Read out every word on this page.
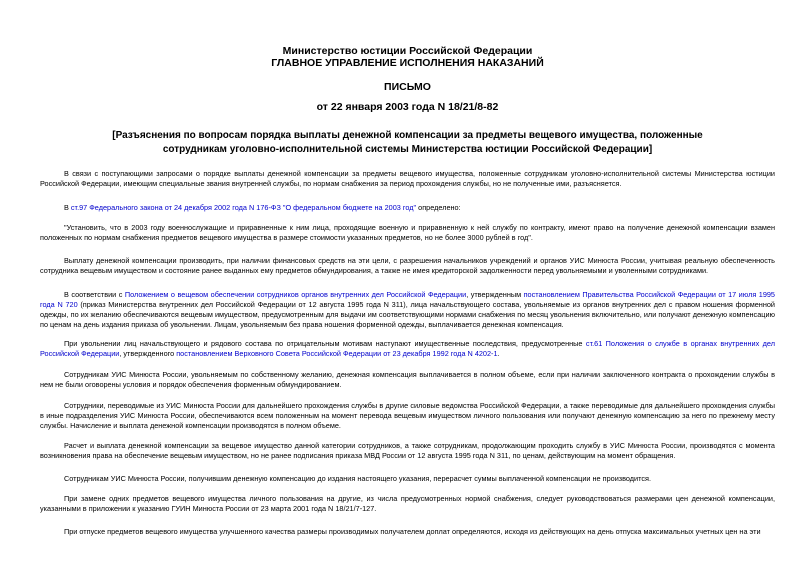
Министерство юстиции Российской Федерации
ГЛАВНОЕ УПРАВЛЕНИЕ ИСПОЛНЕНИЯ НАКАЗАНИЙ
ПИСЬМО
от 22 января 2003 года N 18/21/8-82
[Разъяснения по вопросам порядка выплаты денежной компенсации за предметы вещевого имущества, положенные сотрудникам уголовно-исполнительной системы Министерства юстиции Российской Федерации]

В связи с поступающими запросами о порядке выплаты денежной компенсации за предметы вещевого имущества, положенные сотрудникам уголовно-исполнительной системы Министерства юстиции Российской Федерации, имеющим специальные звания внутренней службы, по нормам снабжения за период прохождения службы, но не полученные ими, разъясняется.

В ст.97 Федерального закона от 24 декабря 2002 года N 176-ФЗ "О федеральном бюджете на 2003 год" определено:

"Установить, что в 2003 году военнослужащие и приравненные к ним лица, проходящие военную и приравненную к ней службу по контракту, имеют право на получение денежной компенсации взамен положенных по нормам снабжения предметов вещевого имущества в размере стоимости указанных предметов, но не более 3000 рублей в год".

Выплату денежной компенсации производить, при наличии финансовых средств на эти цели, с разрешения начальников учреждений и органов УИС Минюста России, учитывая реальную обеспеченность сотрудника вещевым имуществом и состояние ранее выданных ему предметов обмундирования, а также не имея кредиторской задолженности перед увольняемыми и уволенными сотрудниками.

В соответствии с Положением о вещевом обеспечении сотрудников органов внутренних дел Российской Федерации, утвержденным постановлением Правительства Российской Федерации от 17 июля 1995 года N 720 (приказ Министерства внутренних дел Российской Федерации от 12 августа 1995 года N 311), лица начальствующего состава, увольняемые из органов внутренних дел с правом ношения форменной одежды, по их желанию обеспечиваются вещевым имуществом, предусмотренным для выдачи им соответствующими нормами снабжения по месяц увольнения включительно, или получают денежную компенсацию по ценам на день издания приказа об увольнении. Лицам, увольняемым без права ношения форменной одежды, выплачивается денежная компенсация.

При увольнении лиц начальствующего и рядового состава по отрицательным мотивам наступают имущественные последствия, предусмотренные ст.61 Положения о службе в органах внутренних дел Российской Федерации, утвержденного постановлением Верховного Совета Российской Федерации от 23 декабря 1992 года N 4202-1.

Сотрудникам УИС Минюста России, увольняемым по собственному желанию, денежная компенсация выплачивается в полном объеме, если при наличии заключенного контракта о прохождении службы в нем не были оговорены условия и порядок обеспечения форменным обмундированием.

Сотрудники, переводимые из УИС Минюста России для дальнейшего прохождения службы в другие силовые ведомства Российской Федерации, а также переводимые для дальнейшего прохождения службы в иные подразделения УИС Минюста России, обеспечиваются всем положенным на момент перевода вещевым имуществом личного пользования или получают денежную компенсацию за него по прежнему месту службы. Начисление и выплата денежной компенсации производятся в полном объеме.

Расчет и выплата денежной компенсации за вещевое имущество данной категории сотрудников, а также сотрудникам, продолжающим проходить службу в УИС Минюста России, производятся с момента возникновения права на обеспечение вещевым имуществом, но не ранее подписания приказа МВД России от 12 августа 1995 года N 311, по ценам, действующим на момент обращения.

Сотрудникам УИС Минюста России, получившим денежную компенсацию до издания настоящего указания, перерасчет суммы выплаченной компенсации не производится.

При замене одних предметов вещевого имущества личного пользования на другие, из числа предусмотренных нормой снабжения, следует руководствоваться размерами цен денежной компенсации, указанными в приложении к указанию ГУИН Минюста России от 23 марта 2001 года N 18/21/7-127.

При отпуске предметов вещевого имущества улучшенного качества размеры производимых получателем доплат определяются, исходя из действующих на день отпуска максимальных учетных цен на эти
